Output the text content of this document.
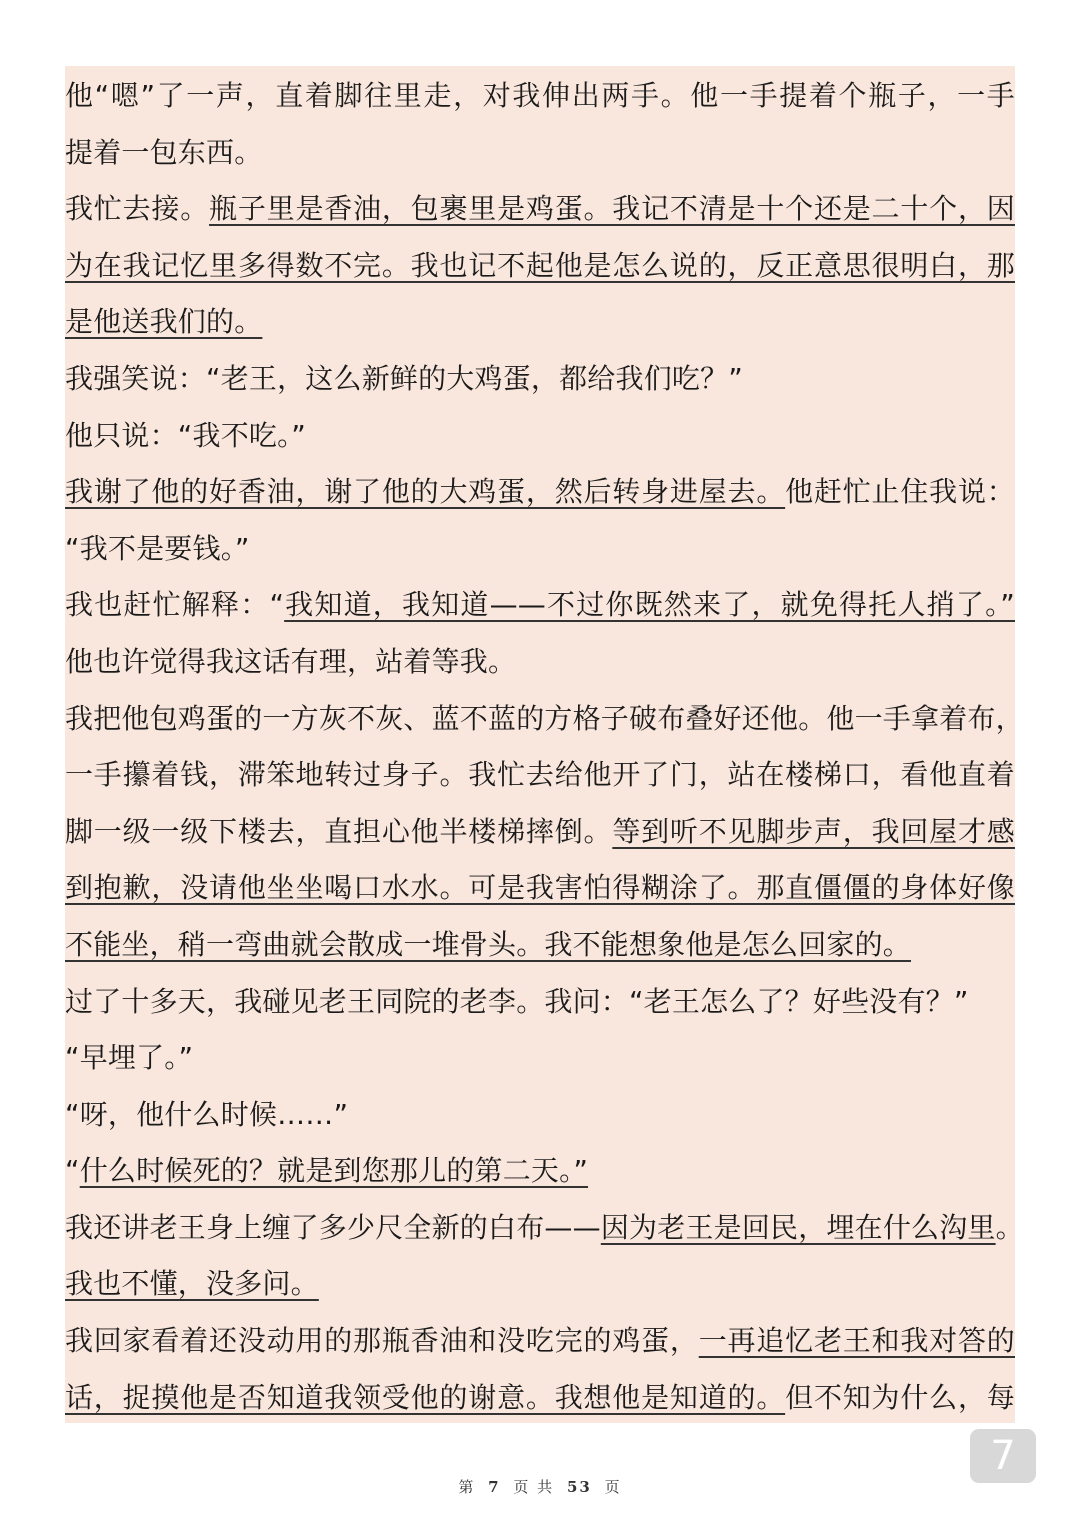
他“嗯”了一声，直着脚往里走，对我伸出两手。他一手提着个瓶子，一手
提着一包东西。
我忙去接。瓶子里是香油，包裹里是鸡蛋。我记不清是十个还是二十个，因
为在我记忆里多得数不完。我也记不起他是怎么说的，反正意思很明白，那
是他送我们的。
我强笑说：“老王，这么新鲜的大鸡蛋，都给我们吃？”
他只说：“我不吃。”
我谢了他的好香油，谢了他的大鸡蛋，然后转身进屋去。他赶忙止住我说：
“我不是要钱。”
我也赶忙解释：“我知道，我知道——不过你既然来了，就免得托人捎了。”
他也许觉得我这话有理，站着等我。
我把他包鸡蛋的一方灰不灰、蓝不蓝的方格子破布叠好还他。他一手拿着布，
一手攥着钱，滞笨地转过身子。我忙去给他开了门，站在楼梯口，看他直着
脚一级一级下楼去，直担心他半楼梯摔倒。等到听不见脚步声，我回屋才感
到抱歉，没请他坐坐喝口水水。可是我害怕得糊涂了。那直僵僵的身体好像
不能坐，稍一弯曲就会散成一堆骨头。我不能想象他是怎么回家的。
过了十多天，我碰见老王同院的老李。我问：“老王怎么了？好些没有？”
“早埋了。”
“呀，他什么时候……”
“什么时候死的？就是到您那儿的第二天。”
我还讲老王身上缠了多少尺全新的白布——因为老王是回民，埋在什么沟里。
我也不懂，没多问。
我回家看着还没动用的那瓶香油和没吃完的鸡蛋，一再追忆老王和我对答的
话，捉摸他是否知道我领受他的谢意。我想他是知道的。但不知为什么，每
7
第 7 页 共 53 页
